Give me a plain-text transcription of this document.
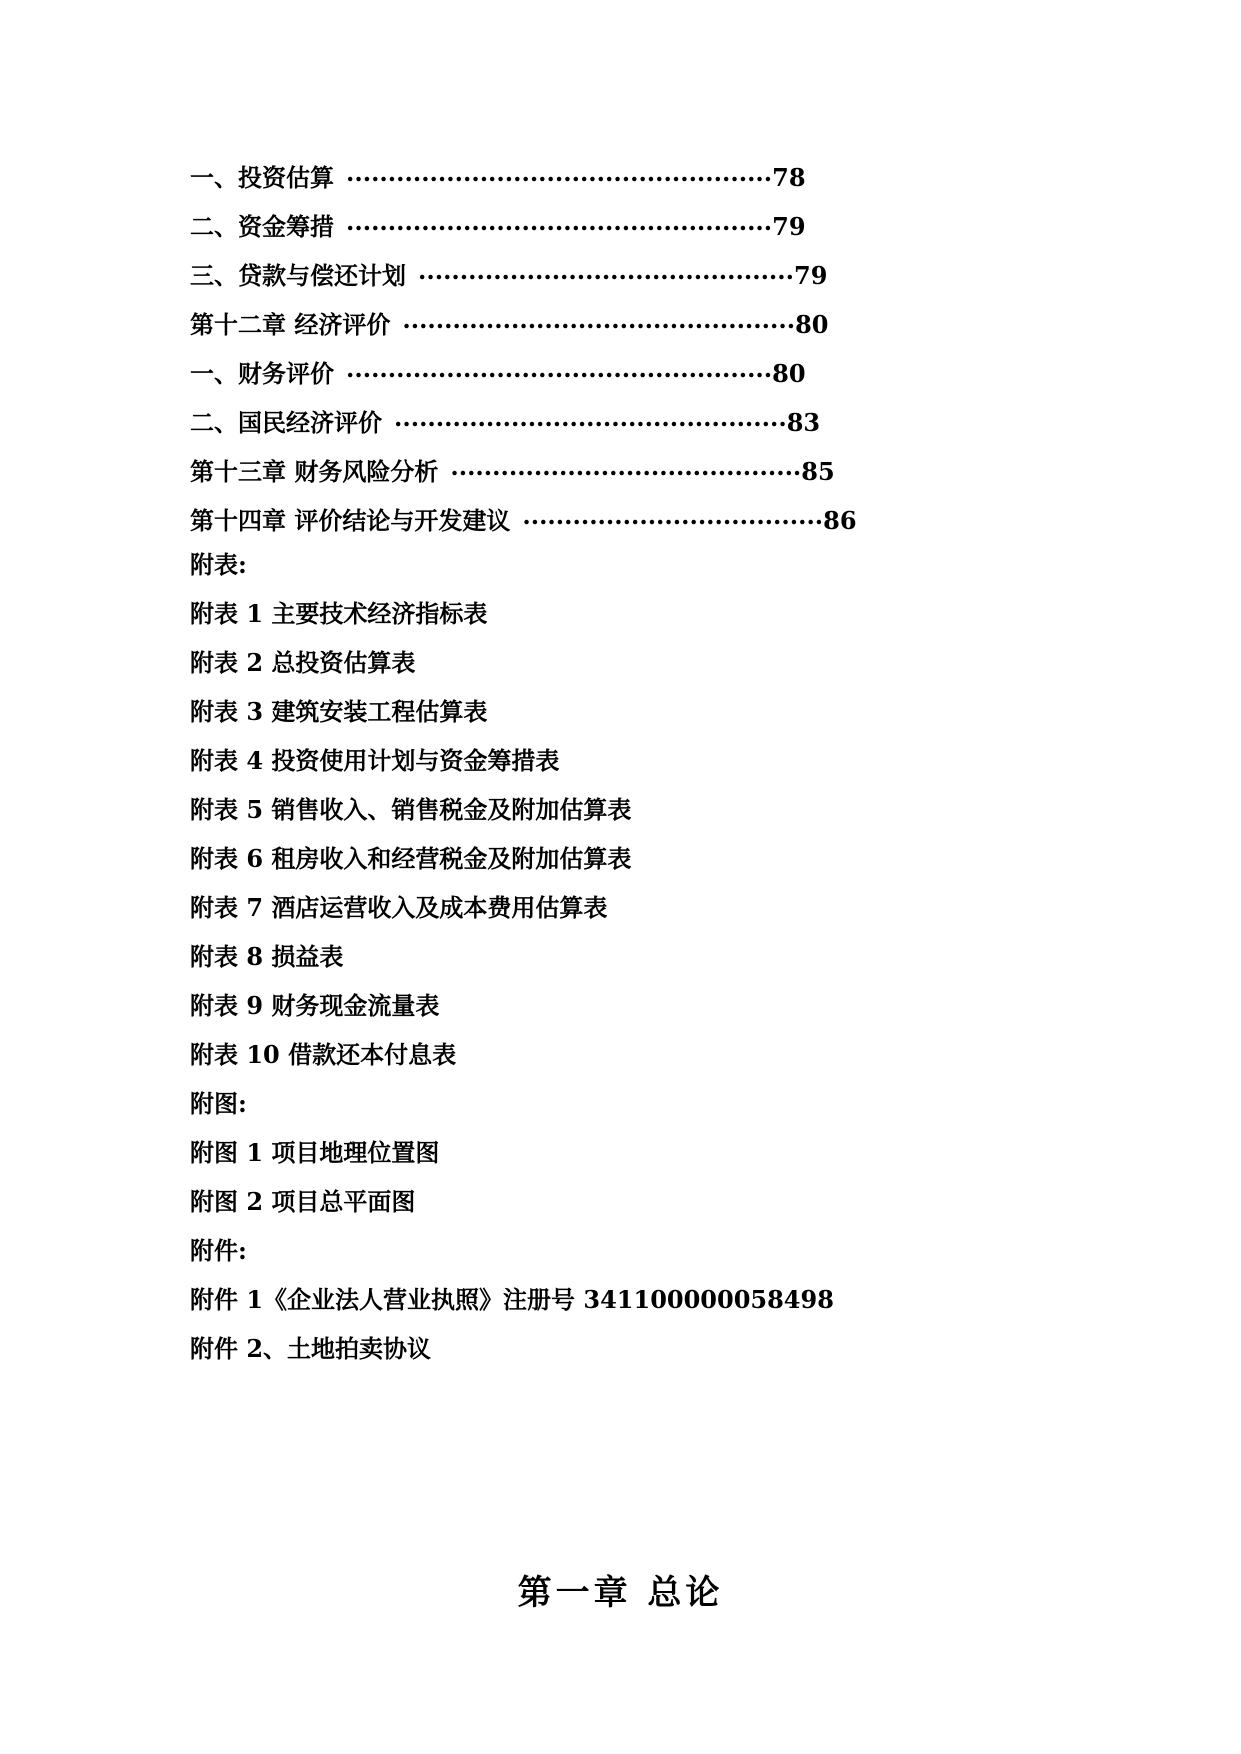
一、投资估算 ...................................................78
二、资金筹措 ...................................................79
三、贷款与偿还计划 .............................................79
第十二章 经济评价 ...............................................80
一、财务评价 ...................................................80
二、国民经济评价 ...............................................83
第十三章 财务风险分析 ..........................................85
第十四章 评价结论与开发建议 ....................................86
附表:
附表 1 主要技术经济指标表
附表 2 总投资估算表
附表 3 建筑安装工程估算表
附表 4 投资使用计划与资金筹措表
附表 5 销售收入、销售税金及附加估算表
附表 6 租房收入和经营税金及附加估算表
附表 7 酒店运营收入及成本费用估算表
附表 8 损益表
附表 9 财务现金流量表
附表 10 借款还本付息表
附图:
附图 1 项目地理位置图
附图 2 项目总平面图
附件:
附件 1《企业法人营业执照》注册号 341100000058498
附件 2、土地拍卖协议
第一章 总论
